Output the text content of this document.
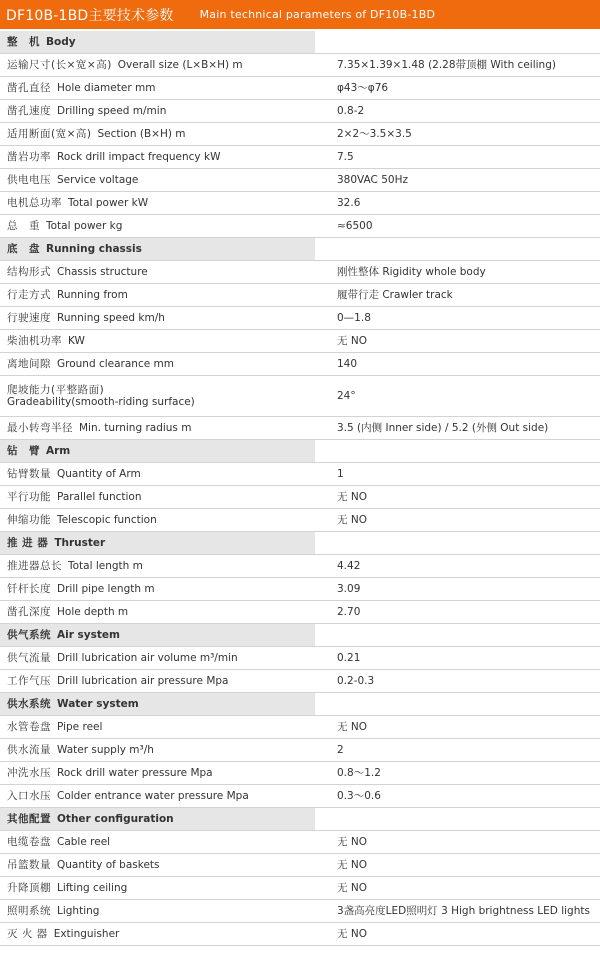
DF10B-1BD主要技术参数 Main technical parameters of DF10B-1BD
整　机 Body	
运输尺寸(长×宽×高) Overall size (L×B×H) m	7.35×1.39×1.48 (2.28带顶棚 With ceiling)
凿孔直径 Hole diameter mm	φ43～φ76
凿孔速度 Drilling speed m/min	0.8-2
适用断面(宽×高) Section (B×H) m	2×2～3.5×3.5
凿岩功率 Rock drill impact frequency kW	7.5
供电电压 Service voltage	380VAC 50Hz
电机总功率 Total power kW	32.6
总　重 Total power kg	≈6500
底　盘 Running chassis	
结构形式 Chassis structure	刚性整体 Rigidity whole body
行走方式 Running from	履带行走 Crawler track
行驶速度 Running speed km/h	0—1.8
柴油机功率 KW	无 NO
离地间隙 Ground clearance mm	140
爬坡能力(平整路面)
Gradeability(smooth-riding surface)	24°
最小转弯半径 Min. turning radius m	3.5 (内侧 Inner side) / 5.2 (外侧 Out side)
钻　臂 Arm	
钻臂数量 Quantity of Arm	1
平行功能 Parallel function	无 NO
伸缩功能 Telescopic function	无 NO
推 进 器 Thruster	
推进器总长 Total length m	4.42
钎杆长度 Drill pipe length m	3.09
凿孔深度 Hole depth m	2.70
供气系统 Air system	
供气流量 Drill lubrication air volume m³/min	0.21
工作气压 Drill lubrication air pressure Mpa	0.2-0.3
供水系统 Water system	
水管卷盘 Pipe reel	无 NO
供水流量 Water supply m³/h	2
冲洗水压 Rock drill water pressure Mpa	0.8～1.2
入口水压 Colder entrance water pressure Mpa	0.3～0.6
其他配置 Other configuration	
电缆卷盘 Cable reel	无 NO
吊篮数量 Quantity of baskets	无 NO
升降顶棚 Lifting ceiling	无 NO
照明系统 Lighting	3盏高亮度LED照明灯 3 High brightness LED lights
灭 火 器 Extinguisher	无 NO
